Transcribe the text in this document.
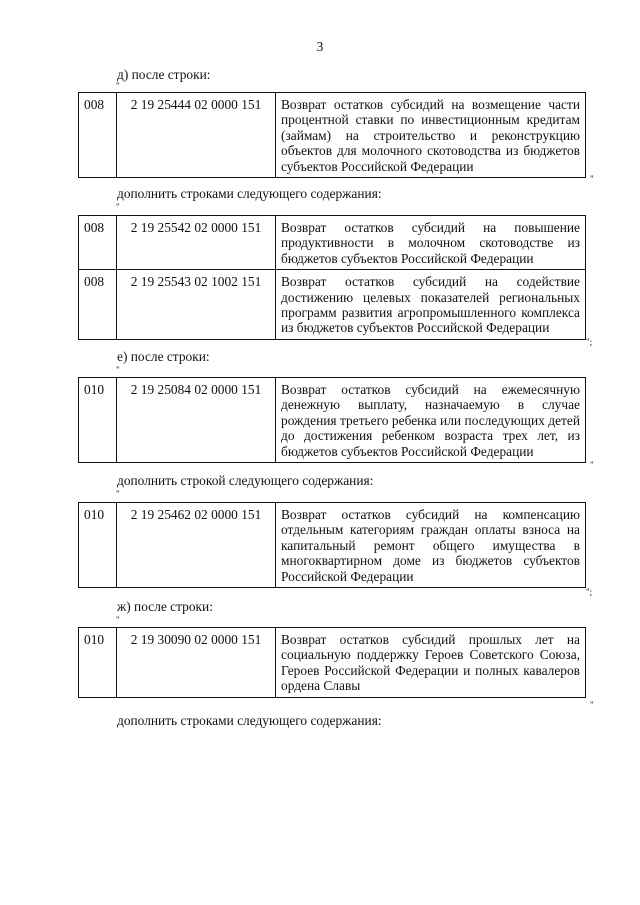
3
д) после строки:
"
008	2 19 25444 02 0000 151	Возврат остатков субсидий на возмещение части процентной ставки по инвестиционным кредитам (займам) на строительство и реконструкцию объектов для молочного скотоводства из бюджетов субъектов Российской Федерации
"
дополнить строками следующего содержания:
"
008	2 19 25542 02 0000 151	Возврат остатков субсидий на повышение продуктивности в молочном скотоводстве из бюджетов субъектов Российской Федерации
008	2 19 25543 02 1002 151	Возврат остатков субсидий на содействие достижению целевых показателей региональных программ развития агропромышленного комплекса из бюджетов субъектов Российской Федерации
";
е) после строки:
"
010	2 19 25084 02 0000 151	Возврат остатков субсидий на ежемесячную денежную выплату, назначаемую в случае рождения третьего ребенка или последующих детей до достижения ребенком возраста трех лет, из бюджетов субъектов Российской Федерации
"
дополнить строкой следующего содержания:
"
010	2 19 25462 02 0000 151	Возврат остатков субсидий на компенсацию отдельным категориям граждан оплаты взноса на капитальный ремонт общего имущества в многоквартирном доме из бюджетов субъектов Российской Федерации
";
ж) после строки:
"
010	2 19 30090 02 0000 151	Возврат остатков субсидий прошлых лет на социальную поддержку Героев Советского Союза, Героев Российской Федерации и полных кавалеров ордена Славы
"
дополнить строками следующего содержания:
